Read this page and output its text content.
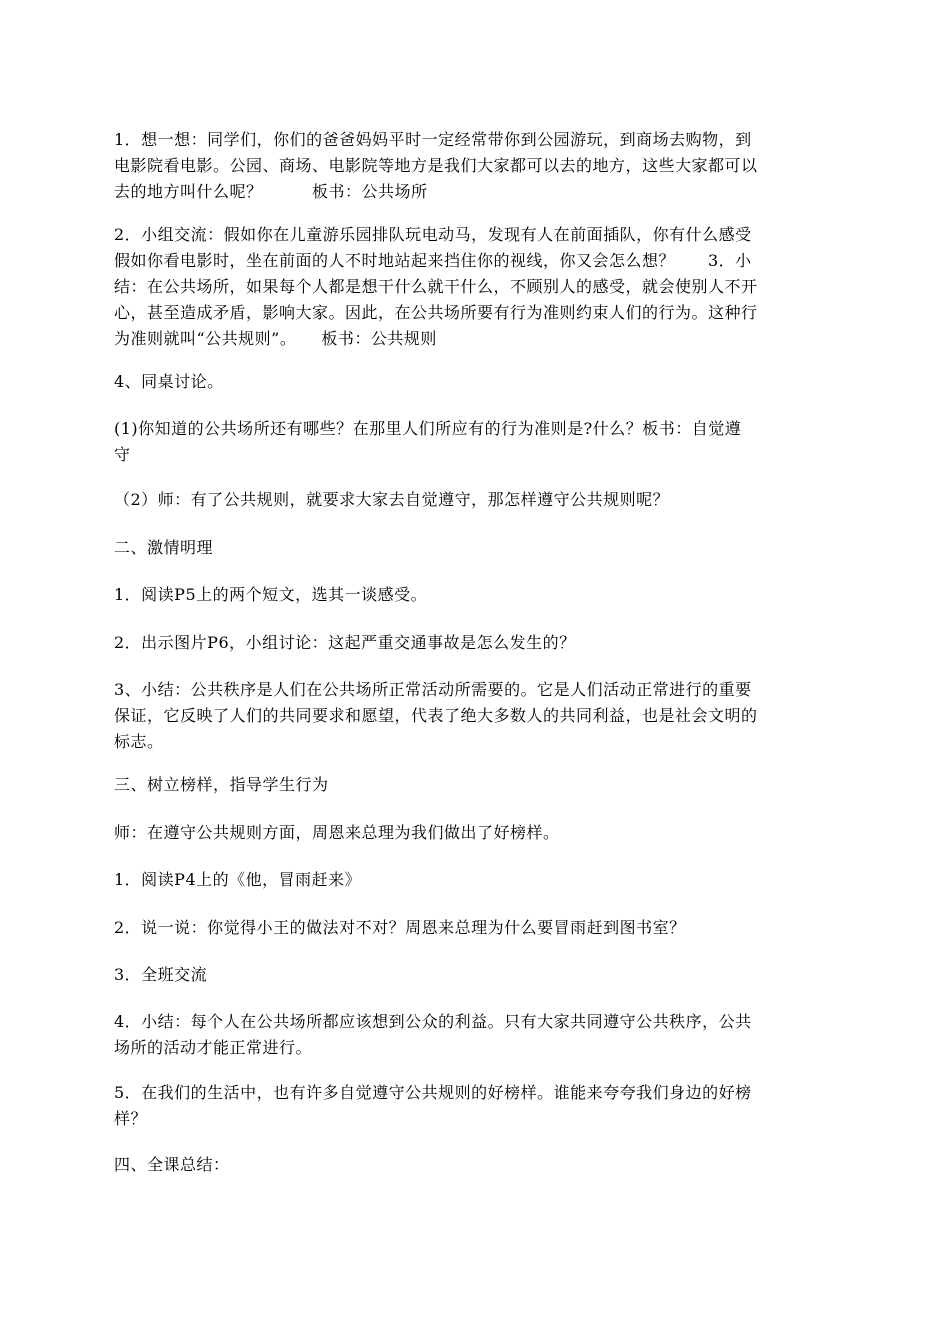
1．想一想：同学们，你们的爸爸妈妈平时一定经常带你到公园游玩，到商场去购物，到
电影院看电影。公园、商场、电影院等地方是我们大家都可以去的地方，这些大家都可以
去的地方叫什么呢？　　　板书：公共场所

2．小组交流：假如你在儿童游乐园排队玩电动马，发现有人在前面插队，你有什么感受
假如你看电影时，坐在前面的人不时地站起来挡住你的视线，你又会怎么想？　　3．小
结：在公共场所，如果每个人都是想干什么就干什么，不顾别人的感受，就会使别人不开
心，甚至造成矛盾，影响大家。因此，在公共场所要有行为准则约束人们的行为。这种行
为准则就叫“公共规则”。　　板书：公共规则

4、同桌讨论。

(1)你知道的公共场所还有哪些？在那里人们所应有的行为准则是?什么？板书：自觉遵
守

（2）师：有了公共规则，就要求大家去自觉遵守，那怎样遵守公共规则呢？

二、激情明理

1．阅读P5上的两个短文，选其一谈感受。

2．出示图片P6，小组讨论：这起严重交通事故是怎么发生的？

3、小结：公共秩序是人们在公共场所正常活动所需要的。它是人们活动正常进行的重要
保证，它反映了人们的共同要求和愿望，代表了绝大多数人的共同利益，也是社会文明的
标志。

三、树立榜样，指导学生行为

师：在遵守公共规则方面，周恩来总理为我们做出了好榜样。

1．阅读P4上的《他，冒雨赶来》

2．说一说：你觉得小王的做法对不对？周恩来总理为什么要冒雨赶到图书室？

3．全班交流

4．小结：每个人在公共场所都应该想到公众的利益。只有大家共同遵守公共秩序，公共
场所的活动才能正常进行。

5．在我们的生活中，也有许多自觉遵守公共规则的好榜样。谁能来夸夸我们身边的好榜
样？

四、全课总结：
